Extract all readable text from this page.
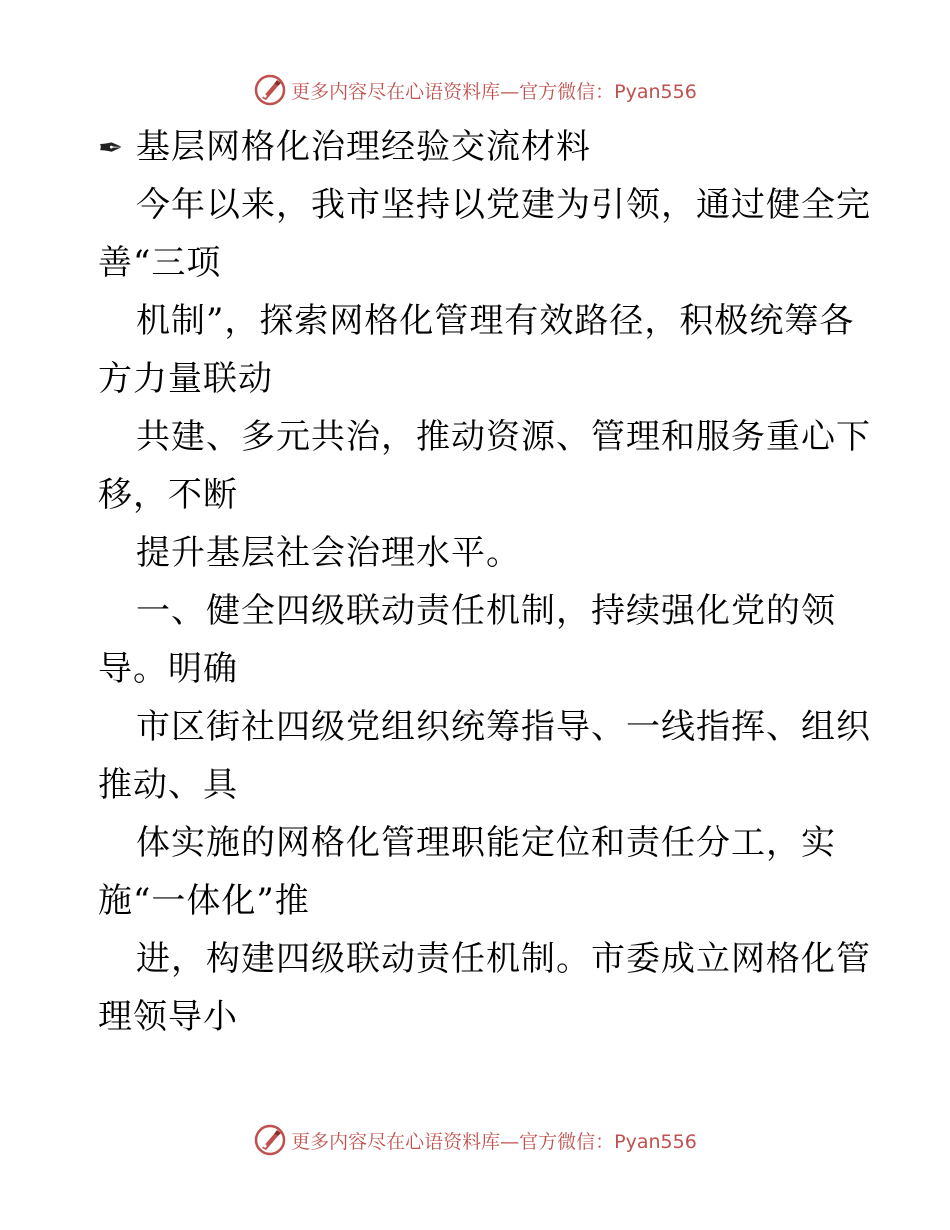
更多内容尽在心语资料库—官方微信：Pyan556
✒ 基层网格化治理经验交流材料
今年以来，我市坚持以党建为引领，通过健全完
善“三项
机制”，探索网格化管理有效路径，积极统筹各
方力量联动
共建、多元共治，推动资源、管理和服务重心下
移，不断
提升基层社会治理水平。
一、健全四级联动责任机制，持续强化党的领
导。明确
市区街社四级党组织统筹指导、一线指挥、组织
推动、具
体实施的网格化管理职能定位和责任分工，实
施“一体化”推
进，构建四级联动责任机制。市委成立网格化管
理领导小
更多内容尽在心语资料库—官方微信：Pyan556
